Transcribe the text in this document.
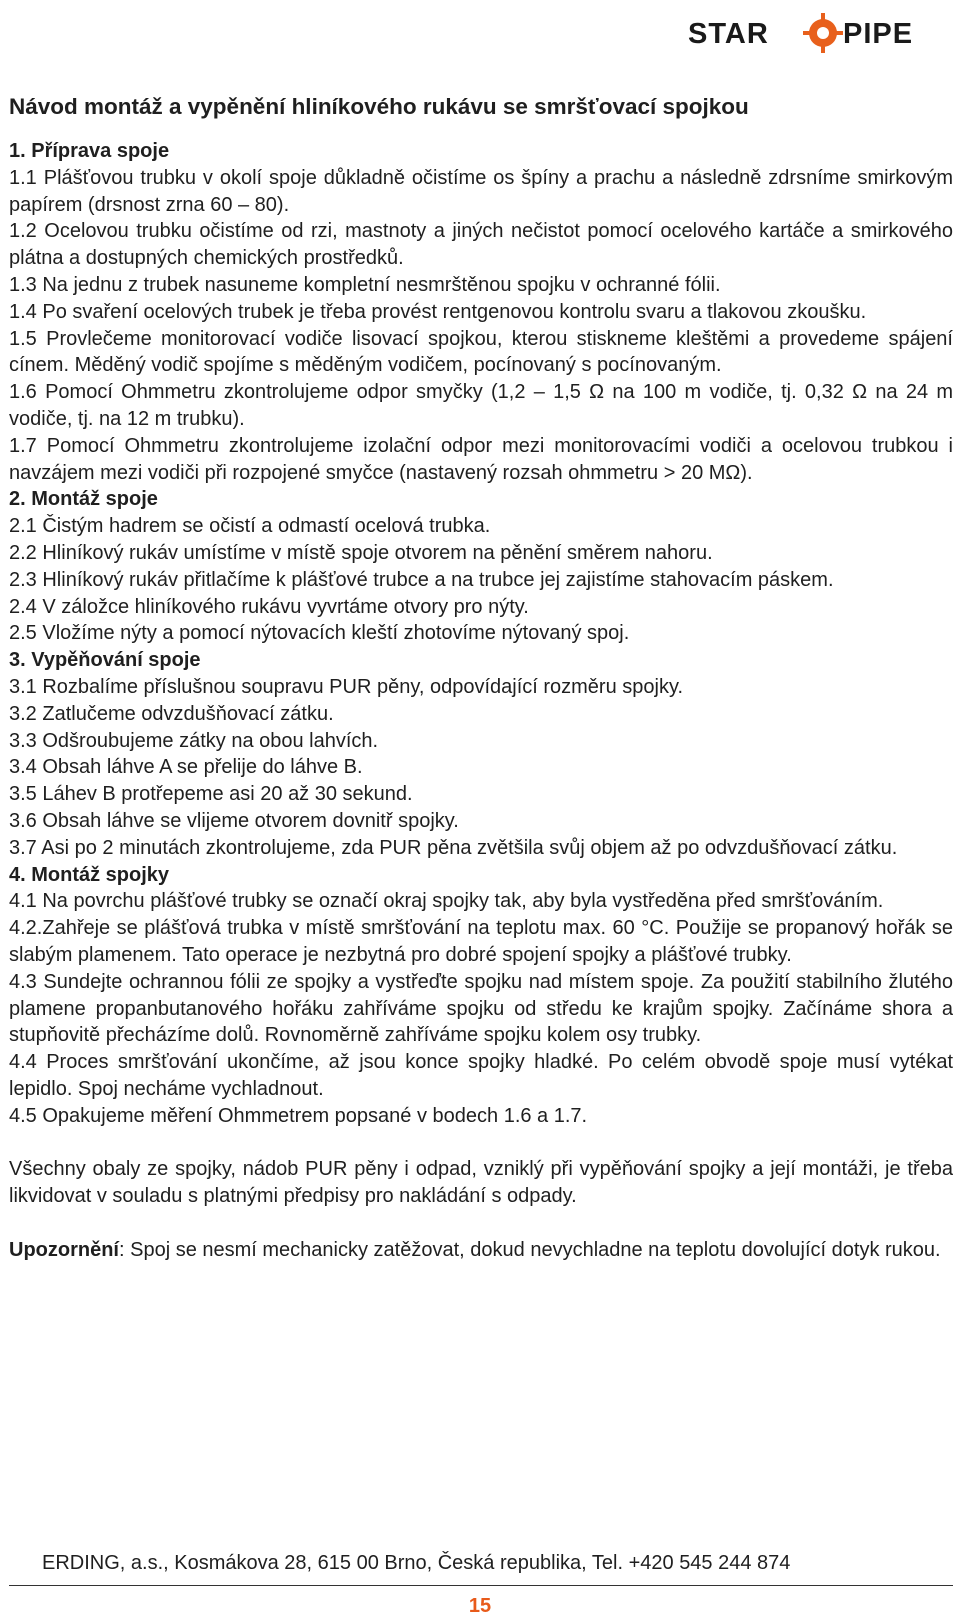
STAR	PIPE
Návod montáž a vypěnění hliníkového rukávu se smršťovací spojkou

1. Příprava spoje

1.1 Plášťovou trubku v okolí spoje důkladně očistíme os špíny a prachu a následně zdrsníme smirkovým papírem (drsnost zrna 60 – 80).

1.2 Ocelovou trubku očistíme od rzi, mastnoty a jiných nečistot pomocí ocelového kartáče a smirkového plátna a dostupných chemických prostředků.

1.3 Na jednu z trubek nasuneme kompletní nesmrštěnou spojku v ochranné fólii.

1.4 Po svaření ocelových trubek je třeba provést rentgenovou kontrolu svaru a tlakovou zkoušku.

1.5 Provlečeme monitorovací vodiče lisovací spojkou, kterou stiskneme kleštěmi a provedeme spájení cínem. Měděný vodič spojíme s měděným vodičem, pocínovaný s pocínovaným.

1.6 Pomocí Ohmmetru zkontrolujeme odpor smyčky (1,2 – 1,5 Ω na 100 m vodiče, tj. 0,32 Ω na 24 m vodiče, tj. na 12 m trubku).

1.7 Pomocí Ohmmetru zkontrolujeme izolační odpor mezi monitorovacími vodiči a ocelovou trubkou i navzájem mezi vodiči při rozpojené smyčce (nastavený rozsah ohmmetru > 20 MΩ).

2. Montáž spoje

2.1 Čistým hadrem se očistí a odmastí ocelová trubka.

2.2 Hliníkový rukáv umístíme v místě spoje otvorem na pěnění směrem nahoru.

2.3 Hliníkový rukáv přitlačíme k plášťové trubce a na trubce jej zajistíme stahovacím páskem.

2.4 V záložce hliníkového rukávu vyvrtáme otvory pro nýty.

2.5 Vložíme nýty a pomocí nýtovacích kleští zhotovíme nýtovaný spoj.

3. Vypěňování spoje

3.1 Rozbalíme příslušnou soupravu PUR pěny, odpovídající rozměru spojky.

3.2 Zatlučeme odvzdušňovací zátku.

3.3 Odšroubujeme zátky na obou lahvích.

3.4 Obsah láhve A se přelije do láhve B.

3.5 Láhev B protřepeme asi 20 až 30 sekund.

3.6 Obsah láhve se vlijeme otvorem dovnitř spojky.

3.7 Asi po 2 minutách zkontrolujeme, zda PUR pěna zvětšila svůj objem až po odvzdušňovací zátku.

4. Montáž spojky

4.1 Na povrchu plášťové trubky se označí okraj spojky tak, aby byla vystředěna před smršťováním.

4.2.Zahřeje se plášťová trubka v místě smršťování na teplotu max. 60 °C. Použije se propanový hořák se slabým plamenem. Tato operace je nezbytná pro dobré spojení spojky a plášťové trubky.

4.3 Sundejte ochrannou fólii ze spojky a vystřeďte spojku nad místem spoje. Za použití stabilního žlutého plamene propanbutanového hořáku zahříváme spojku od středu ke krajům spojky. Začínáme shora a stupňovitě přecházíme dolů. Rovnoměrně zahříváme spojku kolem osy trubky.

4.4 Proces smršťování ukončíme, až jsou konce spojky hladké. Po celém obvodě spoje musí vytékat lepidlo. Spoj necháme vychladnout.

4.5 Opakujeme měření Ohmmetrem popsané v bodech 1.6 a 1.7.

Všechny obaly ze spojky, nádob PUR pěny i odpad, vzniklý při vypěňování spojky a její montáži, je třeba likvidovat v souladu s platnými předpisy pro nakládání s odpady.

Upozornění: Spoj se nesmí mechanicky zatěžovat, dokud nevychladne na teplotu dovolující dotyk rukou.

ERDING, a.s., Kosmákova 28, 615 00 Brno, Česká republika, Tel. +420 545 244 874
15
